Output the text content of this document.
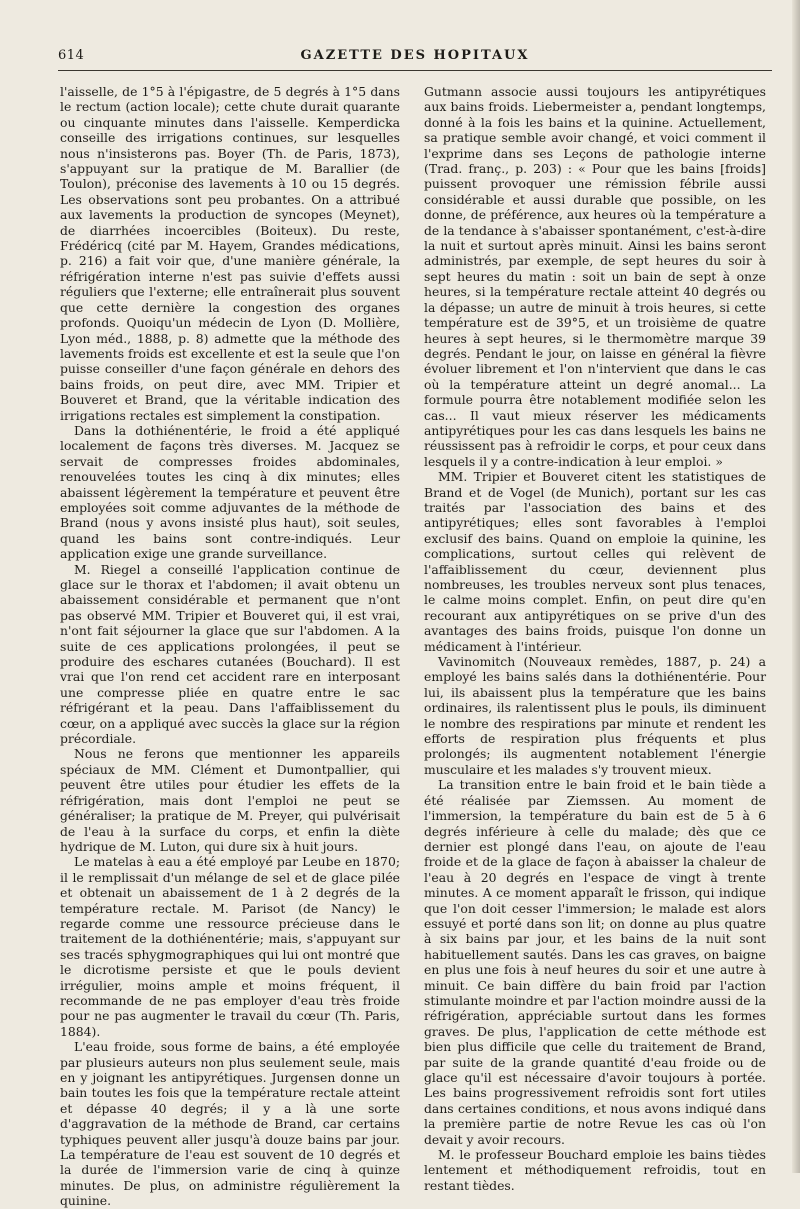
614	GAZETTE DES HOPITAUX

l'aisselle, de 1°5 à l'épigastre, de 5 degrés à 1°5 dans le rectum (action locale); cette chute durait quarante ou cinquante minutes dans l'aisselle. Kemperdicka conseille des irrigations continues, sur lesquelles nous n'insisterons pas. Boyer (Th. de Paris, 1873), s'appuyant sur la pratique de M. Barallier (de Toulon), préconise des lavements à 10 ou 15 degrés. Les observations sont peu probantes. On a attribué aux lavements la production de syncopes (Meynet), de diarrhées incoercibles (Boiteux). Du reste, Frédéricq (cité par M. Hayem, Grandes médications, p. 216) a fait voir que, d'une manière générale, la réfrigération interne n'est pas suivie d'effets aussi réguliers que l'externe; elle entraînerait plus souvent que cette dernière la congestion des organes profonds. Quoiqu'un médecin de Lyon (D. Mollière, Lyon méd., 1888, p. 8) admette que la méthode des lavements froids est excellente et est la seule que l'on puisse conseiller d'une façon générale en dehors des bains froids, on peut dire, avec MM. Tripier et Bouveret et Brand, que la véritable indication des irrigations rectales est simplement la constipation.

Dans la dothiénentérie, le froid a été appliqué localement de façons très diverses. M. Jacquez se servait de compresses froides abdominales, renouvelées toutes les cinq à dix minutes; elles abaissent légèrement la température et peuvent être employées soit comme adjuvantes de la méthode de Brand (nous y avons insisté plus haut), soit seules, quand les bains sont contre-indiqués. Leur application exige une grande surveillance.

M. Riegel a conseillé l'application continue de glace sur le thorax et l'abdomen; il avait obtenu un abaissement considérable et permanent que n'ont pas observé MM. Tripier et Bouveret qui, il est vrai, n'ont fait séjourner la glace que sur l'abdomen. A la suite de ces applications prolongées, il peut se produire des eschares cutanées (Bouchard). Il est vrai que l'on rend cet accident rare en interposant une compresse pliée en quatre entre le sac réfrigérant et la peau. Dans l'affaiblissement du cœur, on a appliqué avec succès la glace sur la région précordiale.

Nous ne ferons que mentionner les appareils spéciaux de MM. Clément et Dumontpallier, qui peuvent être utiles pour étudier les effets de la réfrigération, mais dont l'emploi ne peut se généraliser; la pratique de M. Preyer, qui pulvérisait de l'eau à la surface du corps, et enfin la diète hydrique de M. Luton, qui dure six à huit jours.

Le matelas à eau a été employé par Leube en 1870; il le remplissait d'un mélange de sel et de glace pilée et obtenait un abaissement de 1 à 2 degrés de la température rectale. M. Parisot (de Nancy) le regarde comme une ressource précieuse dans le traitement de la dothiénentérie; mais, s'appuyant sur ses tracés sphygmographiques qui lui ont montré que le dicrotisme persiste et que le pouls devient irrégulier, moins ample et moins fréquent, il recommande de ne pas employer d'eau très froide pour ne pas augmenter le travail du cœur (Th. Paris, 1884).

L'eau froide, sous forme de bains, a été employée par plusieurs auteurs non plus seulement seule, mais en y joignant les antipyrétiques. Jurgensen donne un bain toutes les fois que la température rectale atteint et dépasse 40 degrés; il y a là une sorte d'aggravation de la méthode de Brand, car certains typhiques peuvent aller jusqu'à douze bains par jour. La température de l'eau est souvent de 10 degrés et la durée de l'immersion varie de cinq à quinze minutes. De plus, on administre régulièrement la quinine.

Gutmann associe aussi toujours les antipyrétiques aux bains froids. Liebermeister a, pendant longtemps, donné à la fois les bains et la quinine. Actuellement, sa pratique semble avoir changé, et voici comment il l'exprime dans ses Leçons de pathologie interne (Trad. franç., p. 203) : « Pour que les bains [froids] puissent provoquer une rémission fébrile aussi considérable et aussi durable que possible, on les donne, de préférence, aux heures où la température a de la tendance à s'abaisser spontanément, c'est-à-dire la nuit et surtout après minuit. Ainsi les bains seront administrés, par exemple, de sept heures du soir à sept heures du matin : soit un bain de sept à onze heures, si la température rectale atteint 40 degrés ou la dépasse; un autre de minuit à trois heures, si cette température est de 39°5, et un troisième de quatre heures à sept heures, si le thermomètre marque 39 degrés. Pendant le jour, on laisse en général la fièvre évoluer librement et l'on n'intervient que dans le cas où la température atteint un degré anomal... La formule pourra être notablement modifiée selon les cas... Il vaut mieux réserver les médicaments antipyrétiques pour les cas dans lesquels les bains ne réussissent pas à refroidir le corps, et pour ceux dans lesquels il y a contre-indication à leur emploi. »

MM. Tripier et Bouveret citent les statistiques de Brand et de Vogel (de Munich), portant sur les cas traités par l'association des bains et des antipyrétiques; elles sont favorables à l'emploi exclusif des bains. Quand on emploie la quinine, les complications, surtout celles qui relèvent de l'affaiblissement du cœur, deviennent plus nombreuses, les troubles nerveux sont plus tenaces, le calme moins complet. Enfin, on peut dire qu'en recourant aux antipyrétiques on se prive d'un des avantages des bains froids, puisque l'on donne un médicament à l'intérieur.

Vavinomitch (Nouveaux remèdes, 1887, p. 24) a employé les bains salés dans la dothiénentérie. Pour lui, ils abaissent plus la température que les bains ordinaires, ils ralentissent plus le pouls, ils diminuent le nombre des respirations par minute et rendent les efforts de respiration plus fréquents et plus prolongés; ils augmentent notablement l'énergie musculaire et les malades s'y trouvent mieux.

La transition entre le bain froid et le bain tiède a été réalisée par Ziemssen. Au moment de l'immersion, la température du bain est de 5 à 6 degrés inférieure à celle du malade; dès que ce dernier est plongé dans l'eau, on ajoute de l'eau froide et de la glace de façon à abaisser la chaleur de l'eau à 20 degrés en l'espace de vingt à trente minutes. A ce moment apparaît le frisson, qui indique que l'on doit cesser l'immersion; le malade est alors essuyé et porté dans son lit; on donne au plus quatre à six bains par jour, et les bains de la nuit sont habituellement sautés. Dans les cas graves, on baigne en plus une fois à neuf heures du soir et une autre à minuit. Ce bain diffère du bain froid par l'action stimulante moindre et par l'action moindre aussi de la réfrigération, appréciable surtout dans les formes graves. De plus, l'application de cette méthode est bien plus difficile que celle du traitement de Brand, par suite de la grande quantité d'eau froide ou de glace qu'il est nécessaire d'avoir toujours à portée. Les bains progressivement refroidis sont fort utiles dans certaines conditions, et nous avons indiqué dans la première partie de notre Revue les cas où l'on devait y avoir recours.

M. le professeur Bouchard emploie les bains tièdes lentement et méthodiquement refroidis, tout en restant tièdes.
